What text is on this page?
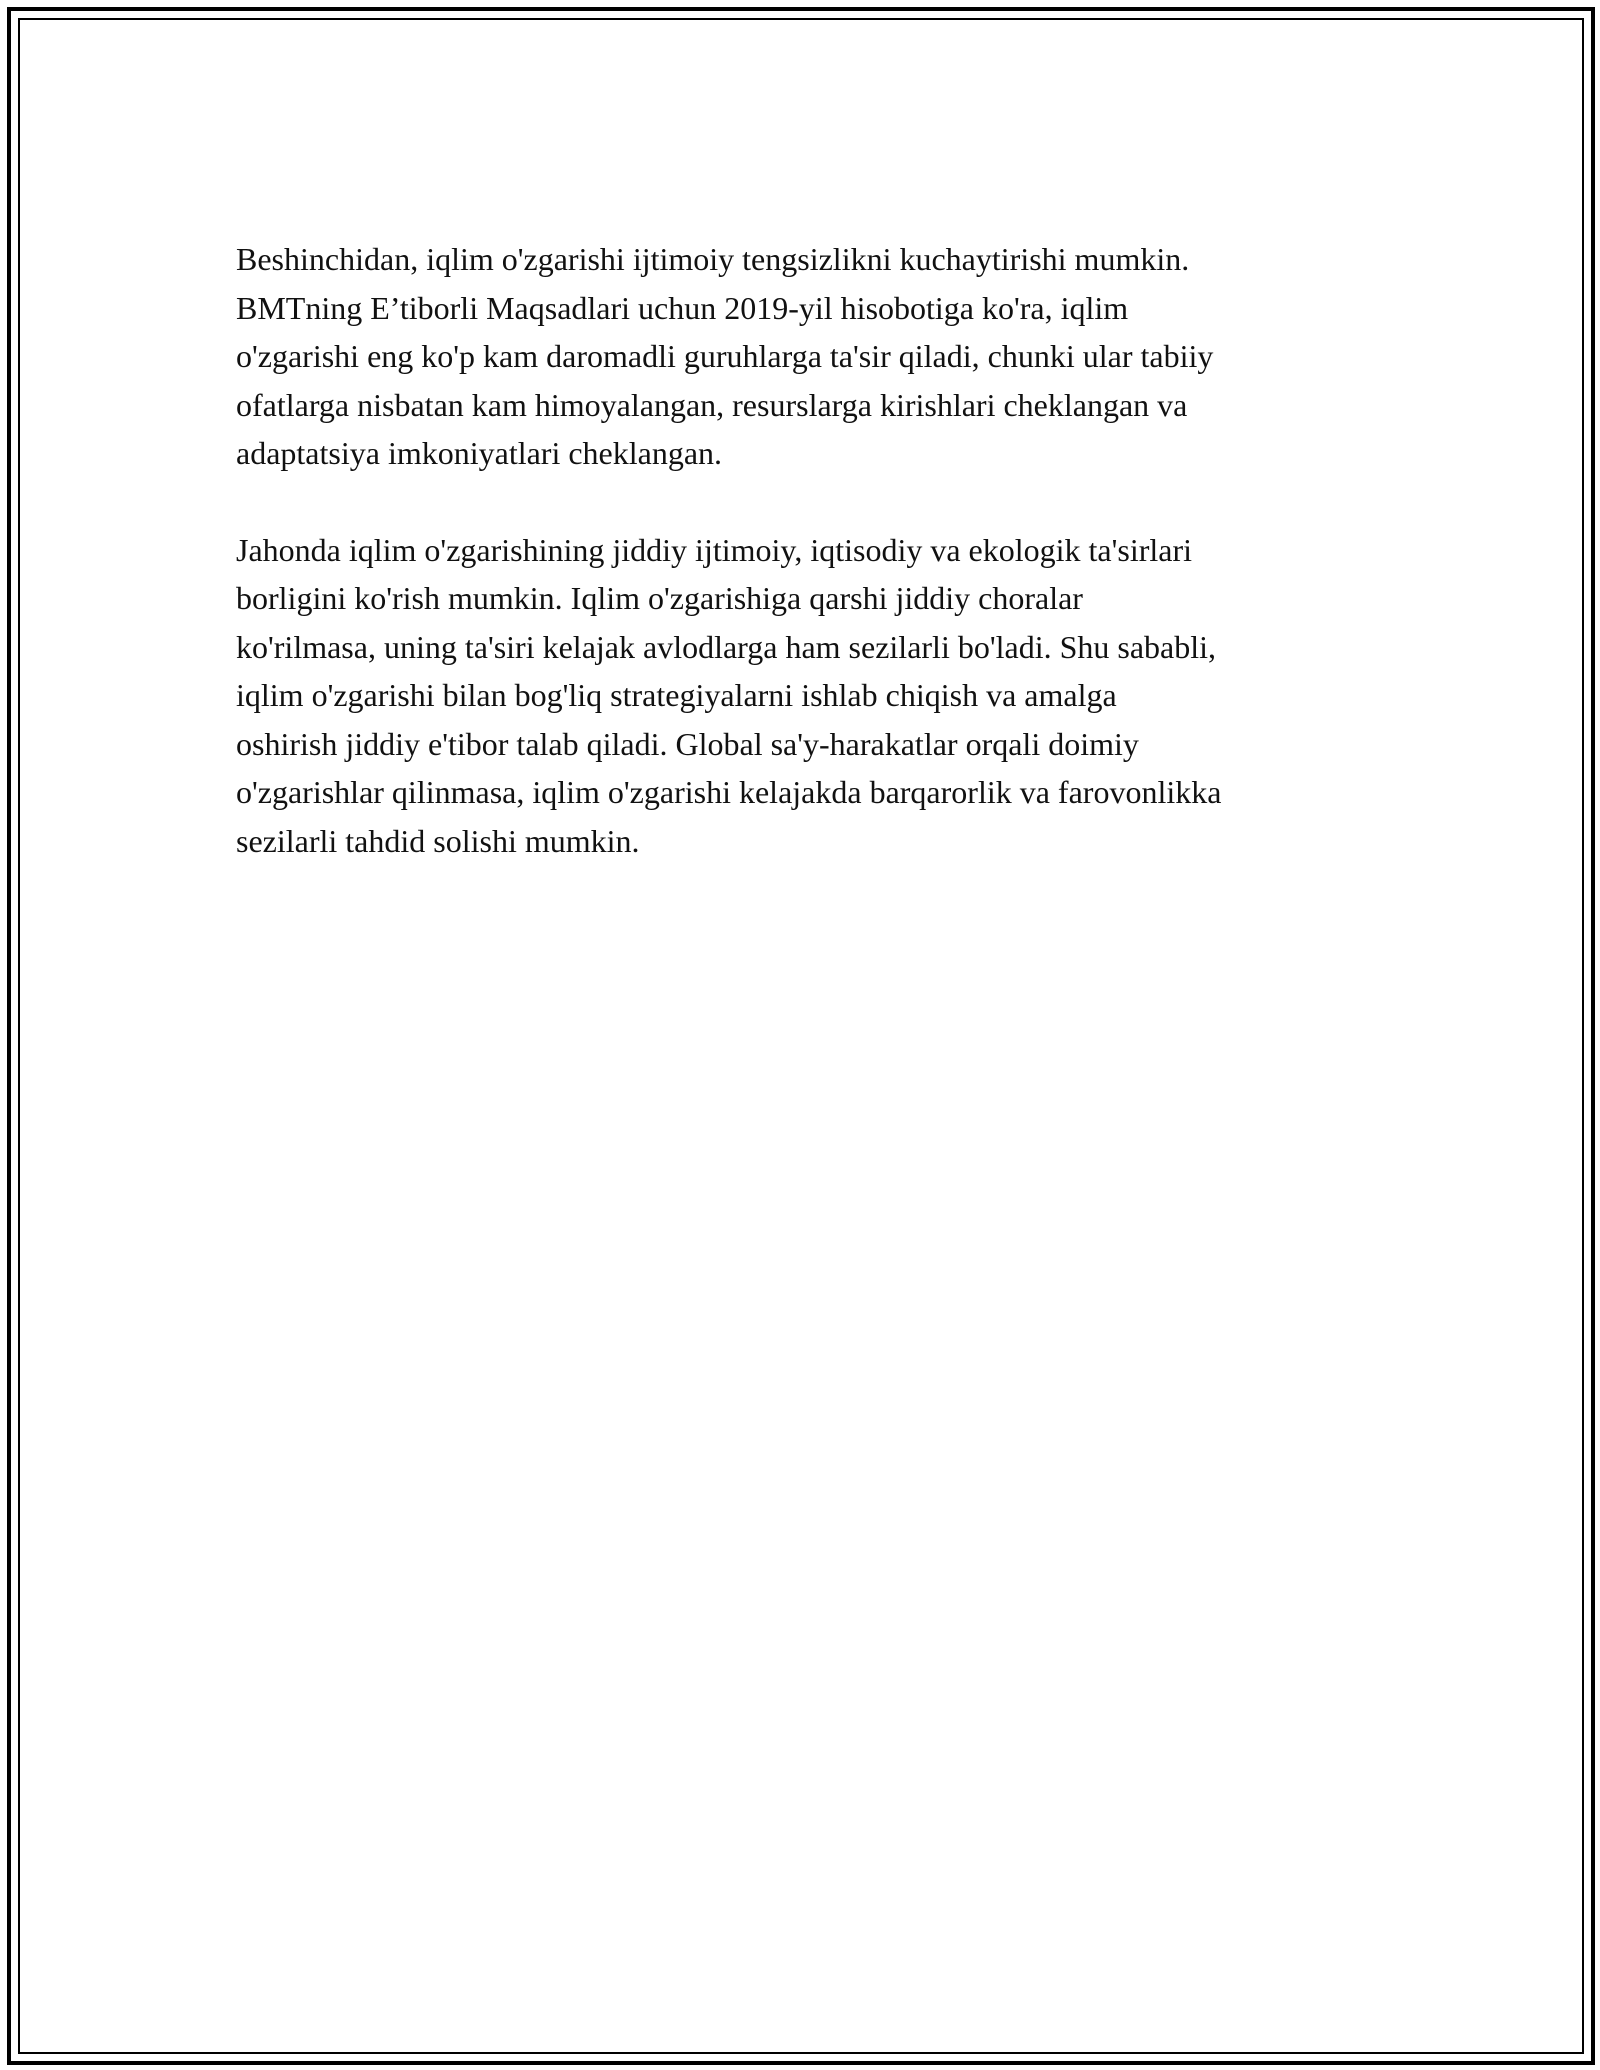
Beshinchidan, iqlim o'zgarishi ijtimoiy tengsizlikni kuchaytirishi mumkin.
BMTning E’tiborli Maqsadlari uchun 2019-yil hisobotiga ko'ra, iqlim
o'zgarishi eng ko'p kam daromadli guruhlarga ta'sir qiladi, chunki ular tabiiy
ofatlarga nisbatan kam himoyalangan, resurslarga kirishlari cheklangan va
adaptatsiya imkoniyatlari cheklangan.

Jahonda iqlim o'zgarishining jiddiy ijtimoiy, iqtisodiy va ekologik ta'sirlari
borligini ko'rish mumkin. Iqlim o'zgarishiga qarshi jiddiy choralar
ko'rilmasa, uning ta'siri kelajak avlodlarga ham sezilarli bo'ladi. Shu sababli,
iqlim o'zgarishi bilan bog'liq strategiyalarni ishlab chiqish va amalga
oshirish jiddiy e'tibor talab qiladi. Global sa'y-harakatlar orqali doimiy
o'zgarishlar qilinmasa, iqlim o'zgarishi kelajakda barqarorlik va farovonlikka
sezilarli tahdid solishi mumkin.
